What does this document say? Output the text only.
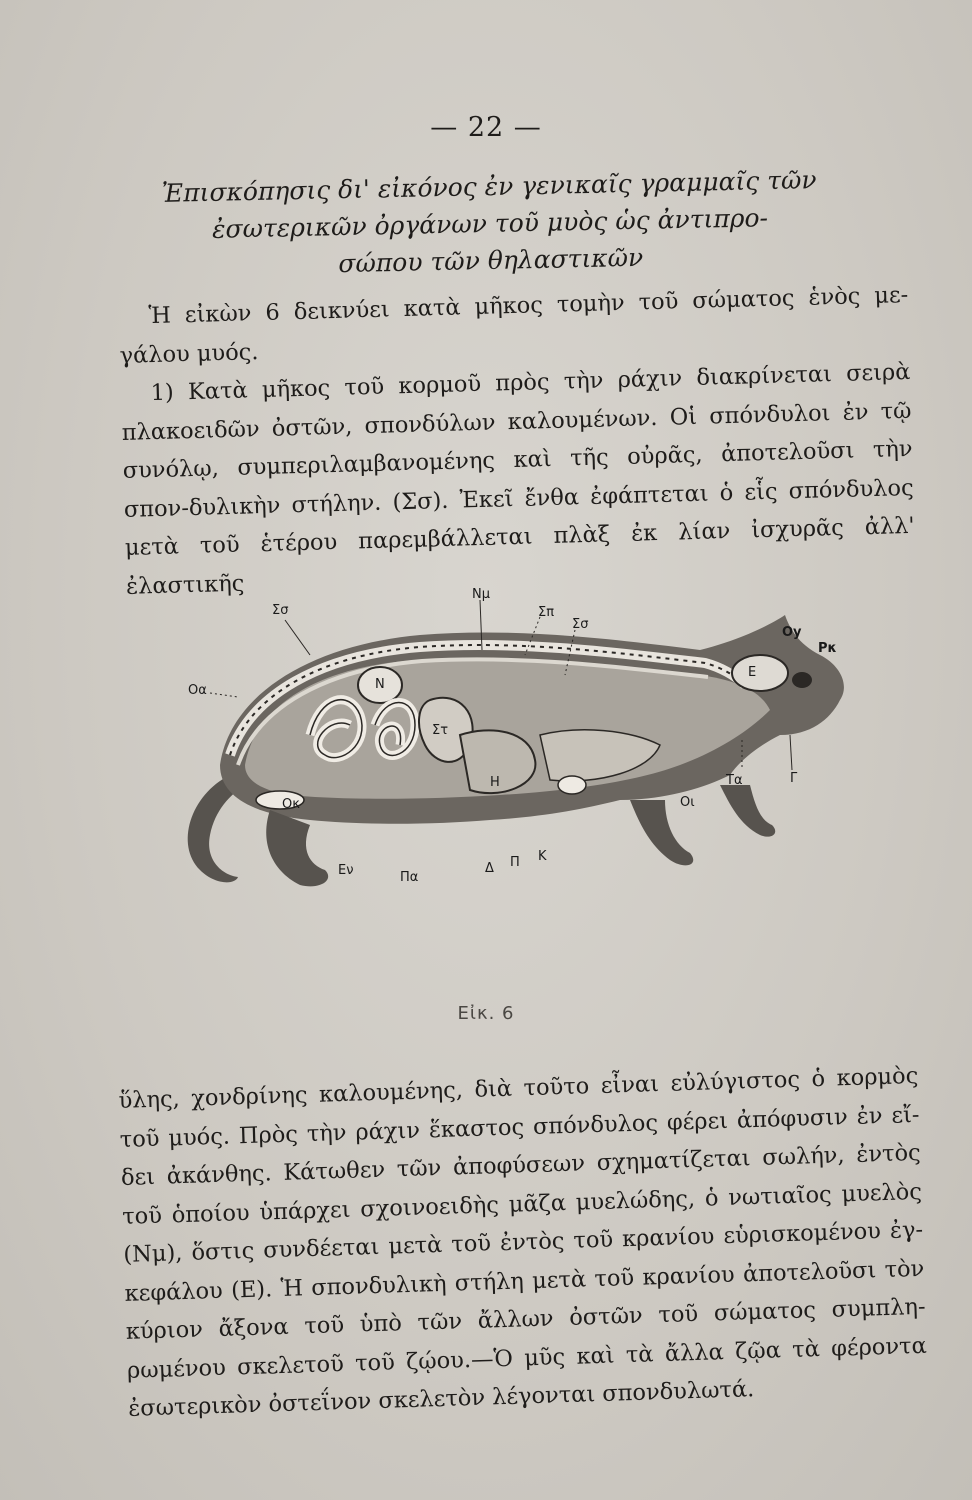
— 22 —
Ἐπισκόπησις δι' εἰκόνος ἐν γενικαῖς γραμμαῖς τῶν
ἐσωτερικῶν ὀργάνων τοῦ μυὸς ὡς ἀντιπρο-
σώπου τῶν θηλαστικῶν

Ἡ εἰκὼν 6 δεικνύει κατὰ μῆκος τομὴν τοῦ σώματος ἑνὸς με-γάλου μυός.

1) Κατὰ μῆκος τοῦ κορμοῦ πρὸς τὴν ράχιν διακρίνεται σειρὰ πλακοειδῶν ὀστῶν, σπονδύλων καλουμένων. Οἱ σπόνδυλοι ἐν τῷ συνόλῳ, συμπεριλαμβανομένης καὶ τῆς οὐρᾶς, ἀποτελοῦσι τὴν σπον-δυλικὴν στήλην. (Σσ). Ἐκεῖ ἔνθα ἐφάπτεται ὁ εἷς σπόνδυλος μετὰ τοῦ ἑτέρου παρεμβάλλεται πλὰξ ἐκ λίαν ἰσχυρᾶς ἀλλ' ἐλαστικῆς

Σσ
Νμ
Σπ
Σσ
Οy
Ρκ
Οα	Ν
Στ
Ε
Η
Οκ
Τα	Γ
Οι
Εν	Πα
Δ Π Κ
Εἰκ. 6

ὕλης, χονδρίνης καλουμένης, διὰ τοῦτο εἶναι εὐλύγιστος ὁ κορμὸς τοῦ μυός. Πρὸς τὴν ράχιν ἕκαστος σπόνδυλος φέρει ἀπόφυσιν ἐν εἴ-δει ἀκάνθης. Κάτωθεν τῶν ἀποφύσεων σχηματίζεται σωλήν, ἐντὸς τοῦ ὁποίου ὑπάρχει σχοινοειδὴς μᾶζα μυελώδης, ὁ νωτιαῖος μυελὸς (Νμ), ὅστις συνδέεται μετὰ τοῦ ἐντὸς τοῦ κρανίου εὑρισκομένου ἐγ-κεφάλου (Ε). Ἡ σπονδυλικὴ στήλη μετὰ τοῦ κρανίου ἀποτελοῦσι τὸν κύριον ἄξονα τοῦ ὑπὸ τῶν ἄλλων ὀστῶν τοῦ σώματος συμπλη-ρωμένου σκελετοῦ τοῦ ζῴου.—Ὁ μῦς καὶ τὰ ἄλλα ζῷα τὰ φέροντα ἐσωτερικὸν ὀστεΐνον σκελετὸν λέγονται σπονδυλωτά.
